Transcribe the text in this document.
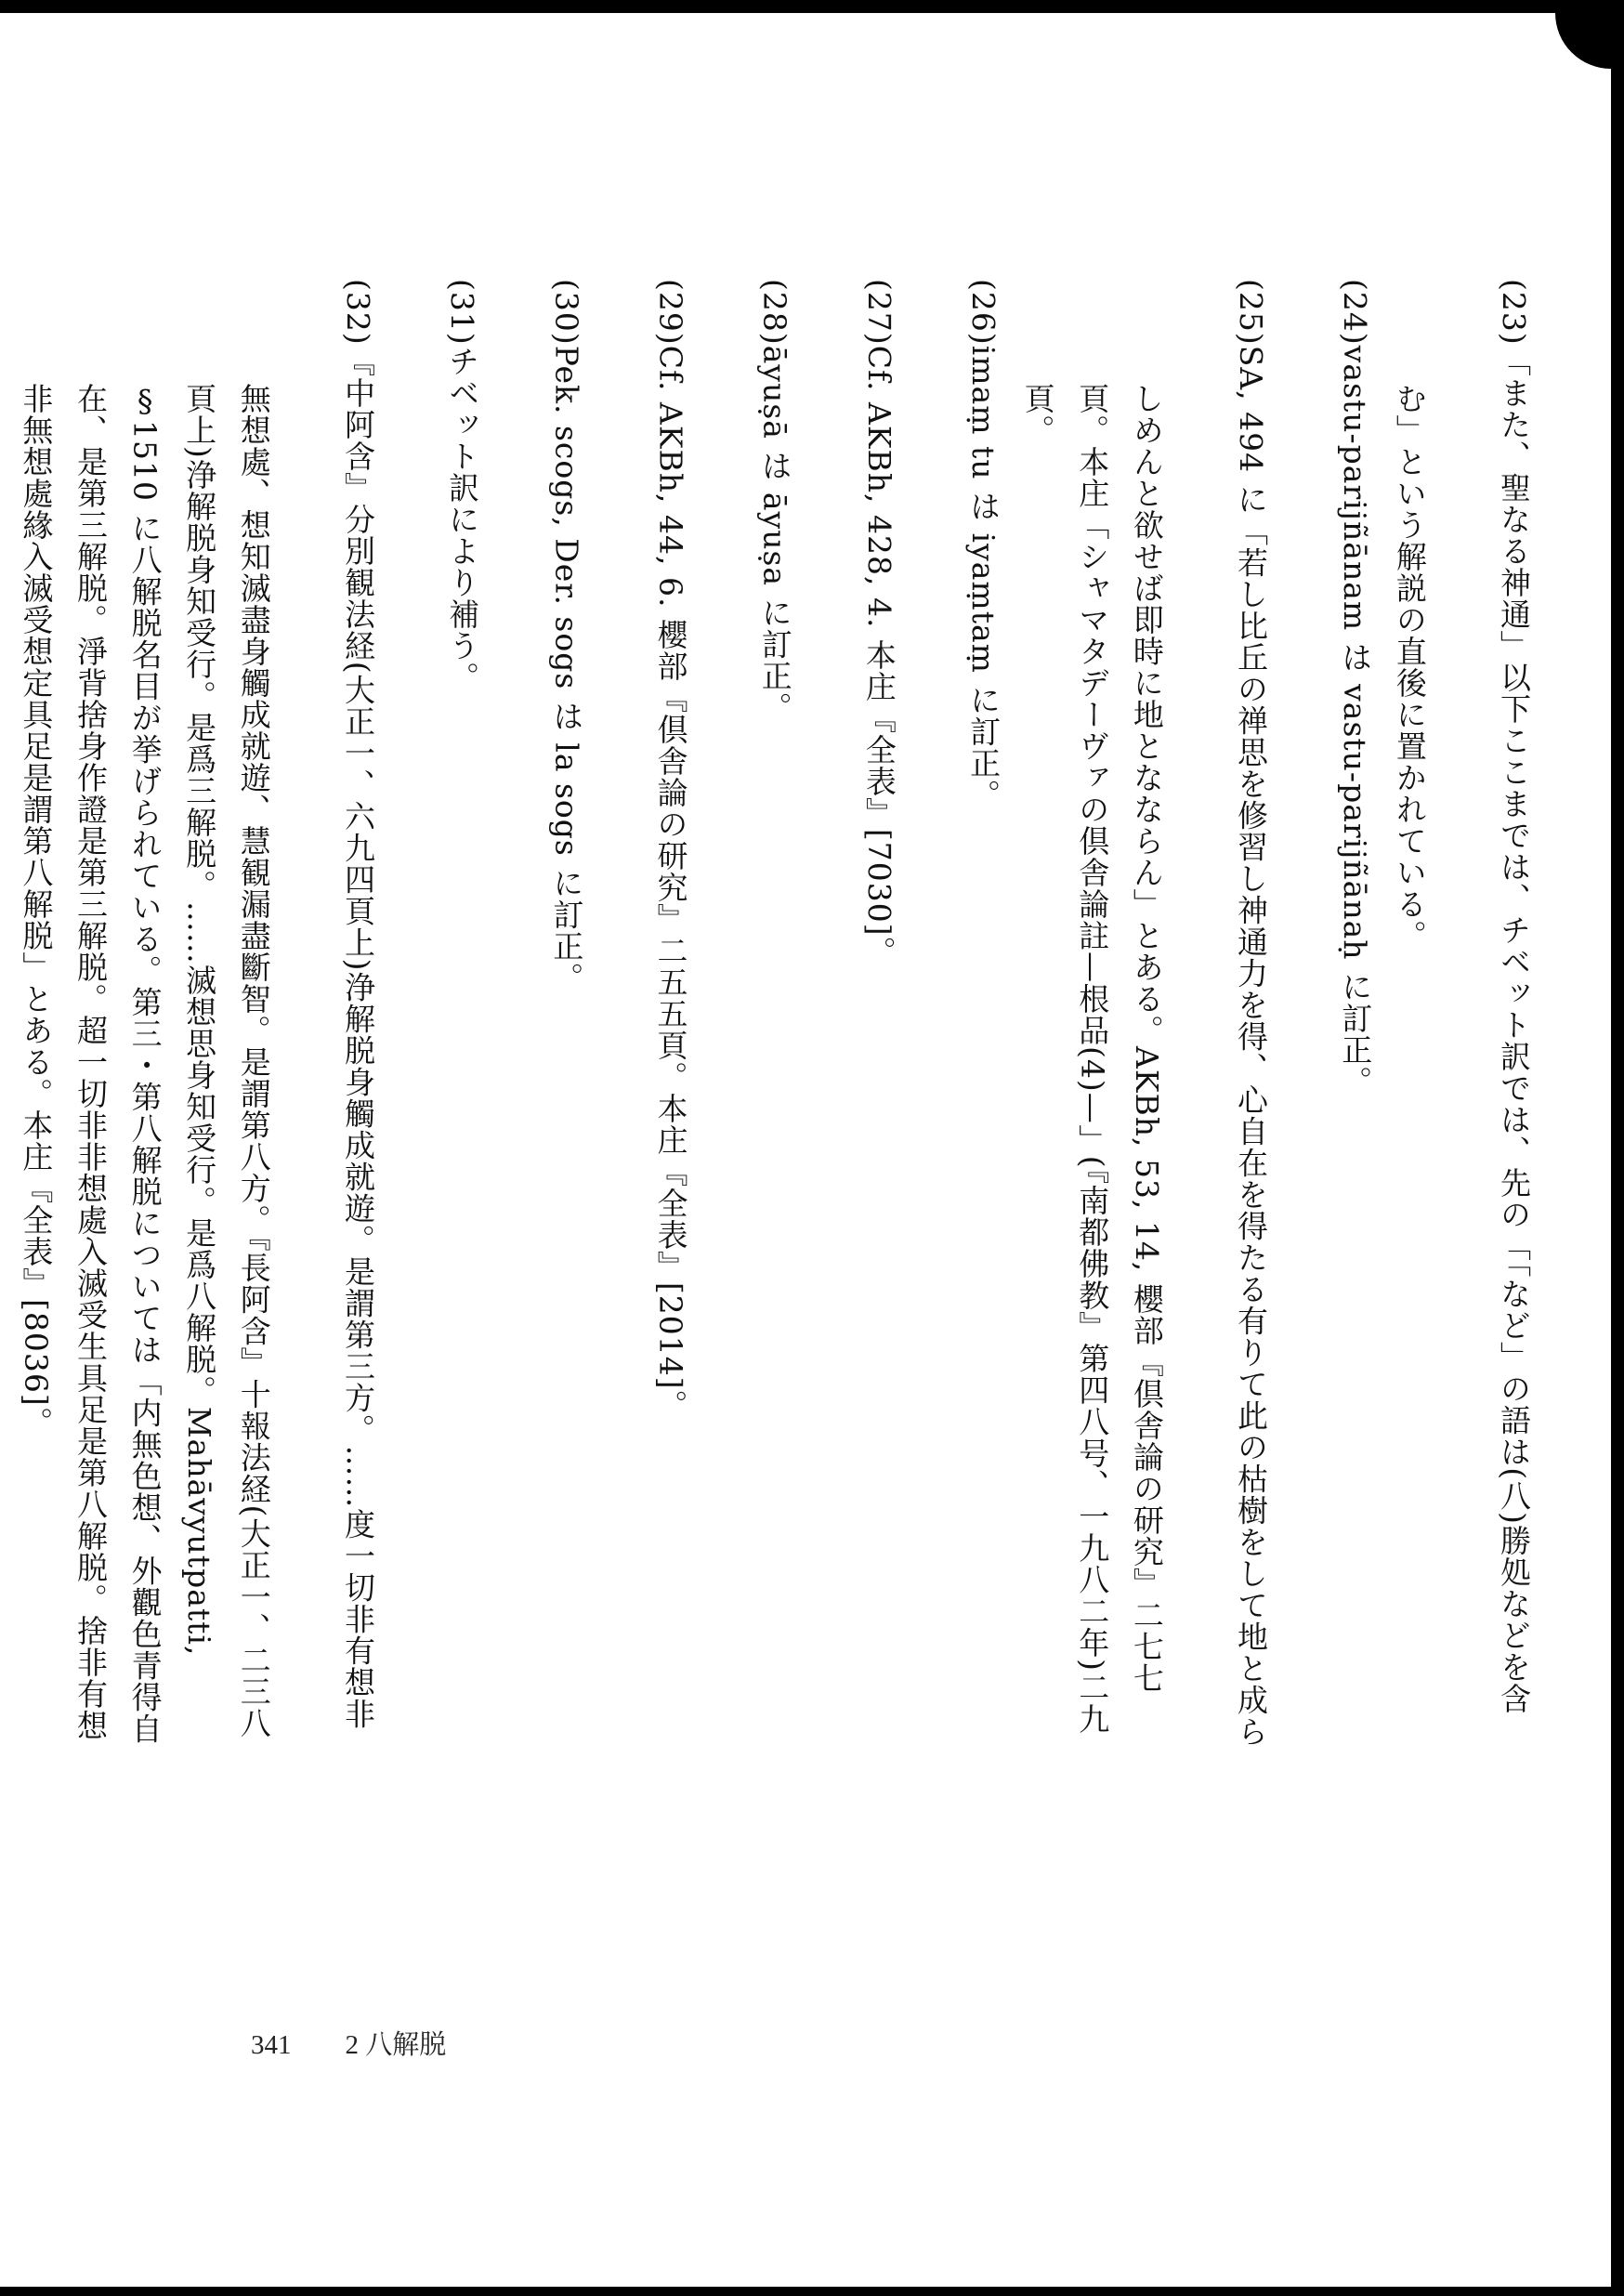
(23)「また、聖なる神通」以下ここまでは、チベット訳では、先の「「など」の語は(八)勝処などを含む」という解説の直後に置かれている。

(24)vastu-parijñānam は vastu-parijñānaḥ に訂正。

(25)SA, 494 に「若し比丘の禅思を修習し神通力を得、心自在を得たる有りて此の枯樹をして地と成らしめんと欲せば即時に地となならん」とある。AKBh, 53, 14, 櫻部『倶舎論の研究』二七七頁。本庄「シャマタデーヴァの倶舎論註—根品(4)—」(『南都佛教』第四八号、一九八二年)二九頁。

(26)imaṃ tu は iyaṃtaṃ に訂正。

(27)Cf. AKBh, 428, 4. 本庄『全表』[7030]。

(28)āyuṣā は āyuṣa に訂正。

(29)Cf. AKBh, 44, 6. 櫻部『倶舎論の研究』二五五頁。本庄『全表』[2014]。

(30)Pek. scogs, Der. sogs は la sogs に訂正。

(31)チベット訳により補う。

(32)『中阿含』分別観法経(大正一、六九四頁上)浄解脱身觸成就遊。是謂第三方。……度一切非有想非無想處、想知滅盡身觸成就遊、慧観漏盡斷智。是謂第八方。『長阿含』十報法経(大正一、二三八頁上)浄解脱身知受行。是爲三解脱。……滅想思身知受行。是爲八解脱。Mahāvyutpatti, §1510 に八解脱名目が挙げられている。第三・第八解脱については「内無色想、外觀色青得自在、是第三解脱。淨背捨身作證是第三解脱。超一切非非想處入滅受生具足是第八解脱。捨非有想非無想處緣入滅受想定具足是謂第八解脱」とある。本庄『全表』[8036]。

341 2 八解脱
